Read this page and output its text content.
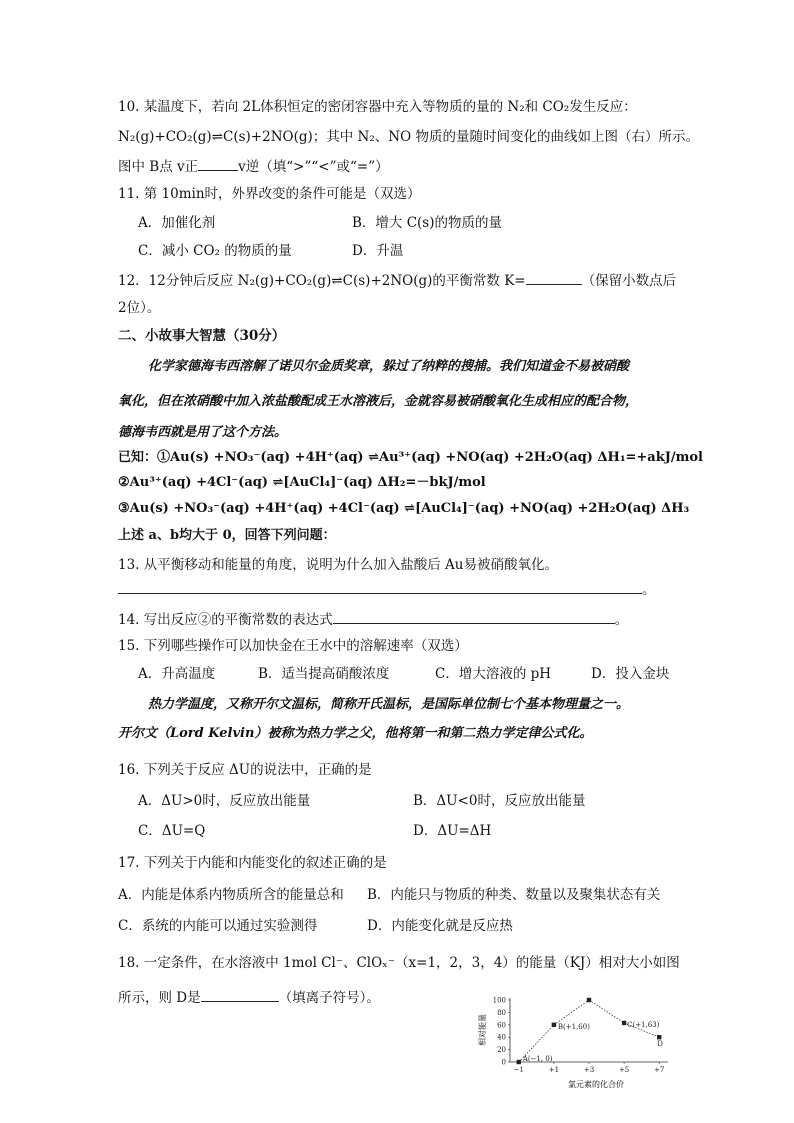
10. 某温度下，若向 2L体积恒定的密闭容器中充入等物质的量的 N₂和 CO₂发生反应：
N₂(g)+CO₂(g)⇌C(s)+2NO(g)；其中 N₂、NO 物质的量随时间变化的曲线如上图（右）所示。
图中 B点 v正	v逆（填“>”“<”或“=”）
11. 第 10min时，外界改变的条件可能是（双选）
A．加催化剂	B．增大 C(s)的物质的量
C．减小 CO₂ 的物质的量	D．升温
12．12分钟后反应 N₂(g)+CO₂(g)⇌C(s)+2NO(g)的平衡常数 K=	（保留小数点后
2位）。
二、小故事大智慧（30分）
化学家德海韦西溶解了诺贝尔金质奖章，躲过了纳粹的搜捕。我们知道金不易被硝酸
氧化，但在浓硝酸中加入浓盐酸配成王水溶液后，金就容易被硝酸氧化生成相应的配合物，
德海韦西就是用了这个方法。
已知：①Au(s) +NO₃⁻(aq) +4H⁺(aq) ⇌Au³⁺(aq) +NO(aq) +2H₂O(aq) ΔH₁=+akJ/mol
②Au³⁺(aq) +4Cl⁻(aq) ⇌[AuCl₄]⁻(aq) ΔH₂=－bkJ/mol
③Au(s) +NO₃⁻(aq) +4H⁺(aq) +4Cl⁻(aq) ⇌[AuCl₄]⁻(aq) +NO(aq) +2H₂O(aq) ΔH₃
上述 a、b均大于 0，回答下列问题：
13. 从平衡移动和能量的角度，说明为什么加入盐酸后 Au易被硝酸氧化。
。
14. 写出反应②的平衡常数的表达式	。
15. 下列哪些操作可以加快金在王水中的溶解速率（双选）
A．升高温度	B．适当提高硝酸浓度	C．增大溶液的 pH	D．投入金块
热力学温度，又称开尔文温标，简称开氏温标，是国际单位制七个基本物理量之一。
开尔文（Lord Kelvin）被称为热力学之父，他将第一和第二热力学定律公式化。
16. 下列关于反应 ΔU的说法中，正确的是
A．ΔU>0时，反应放出能量	B．ΔU<0时，反应放出能量
C．ΔU=Q	D．ΔU=ΔH
17. 下列关于内能和内能变化的叙述正确的是
A．内能是体系内物质所含的能量总和 B．内能只与物质的种类、数量以及聚集状态有关
C．系统的内能可以通过实验测得	D．内能变化就是反应热
18. 一定条件，在水溶液中 1mol Cl⁻、ClOₓ⁻（x=1，2，3，4）的能量（KJ）相对大小如图
所示，则 D是	（填离子符号）。
−1	+1	+3	+5	+7
0
20
40
60
80
100
A(−1, 0)
B(+1,60)	C(+1,63)
D
相对能量
氯元素的化合价
